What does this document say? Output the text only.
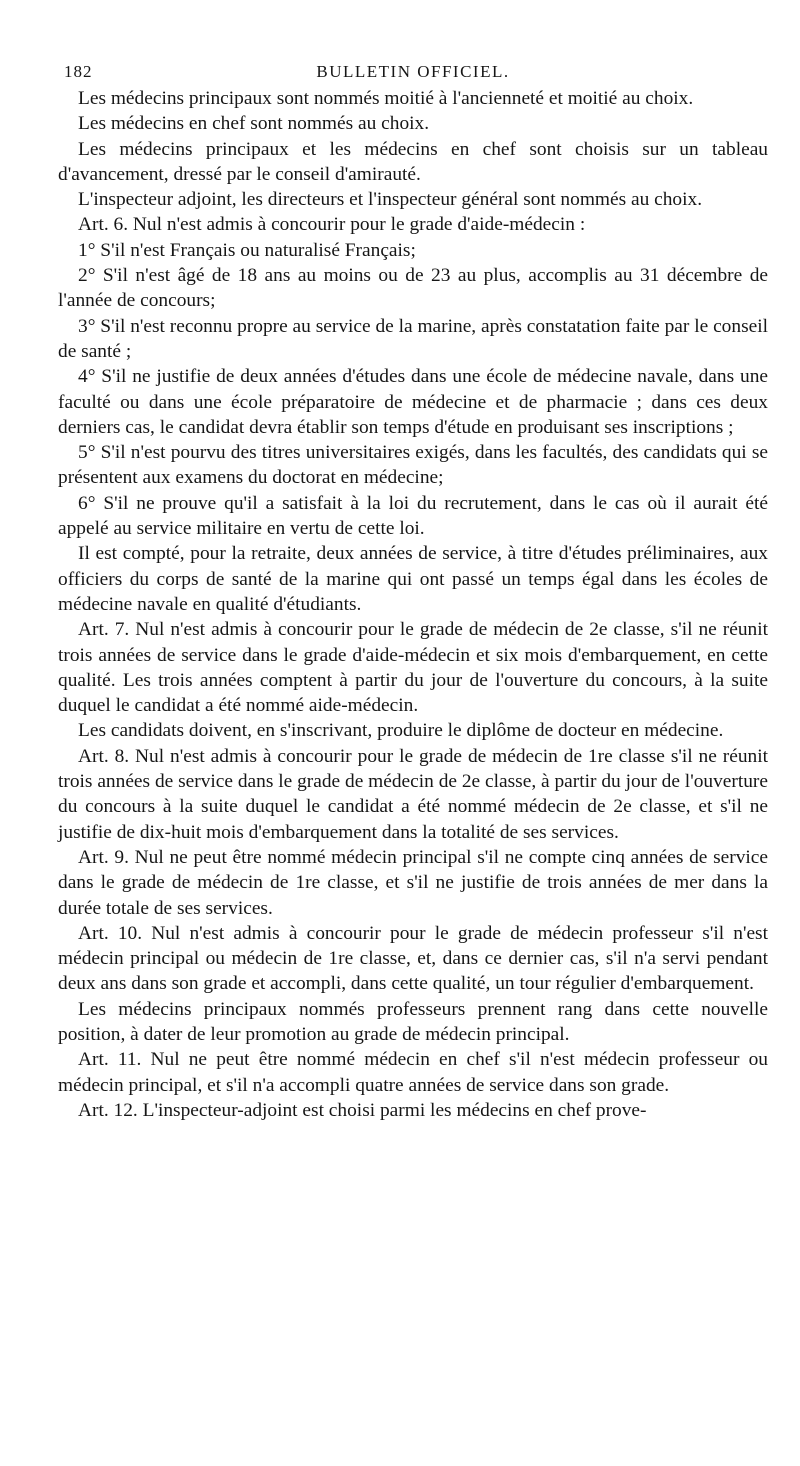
182	BULLETIN OFFICIEL.

Les médecins principaux sont nommés moitié à l'ancienneté et moitié au choix.

Les médecins en chef sont nommés au choix.

Les médecins principaux et les médecins en chef sont choisis sur un tableau d'avancement, dressé par le conseil d'amirauté.

L'inspecteur adjoint, les directeurs et l'inspecteur général sont nommés au choix.

Art. 6. Nul n'est admis à concourir pour le grade d'aide-médecin :

1° S'il n'est Français ou naturalisé Français;

2° S'il n'est âgé de 18 ans au moins ou de 23 au plus, accomplis au 31 décembre de l'année de concours;

3° S'il n'est reconnu propre au service de la marine, après constatation faite par le conseil de santé ;

4° S'il ne justifie de deux années d'études dans une école de médecine navale, dans une faculté ou dans une école préparatoire de médecine et de pharmacie ; dans ces deux derniers cas, le candidat devra établir son temps d'étude en produisant ses inscriptions ;

5° S'il n'est pourvu des titres universitaires exigés, dans les facultés, des candidats qui se présentent aux examens du doctorat en médecine;

6° S'il ne prouve qu'il a satisfait à la loi du recrutement, dans le cas où il aurait été appelé au service militaire en vertu de cette loi.

Il est compté, pour la retraite, deux années de service, à titre d'études préliminaires, aux officiers du corps de santé de la marine qui ont passé un temps égal dans les écoles de médecine navale en qualité d'étudiants.

Art. 7. Nul n'est admis à concourir pour le grade de médecin de 2e classe, s'il ne réunit trois années de service dans le grade d'aide-médecin et six mois d'embarquement, en cette qualité. Les trois années comptent à partir du jour de l'ouverture du concours, à la suite duquel le candidat a été nommé aide-médecin.

Les candidats doivent, en s'inscrivant, produire le diplôme de docteur en médecine.

Art. 8. Nul n'est admis à concourir pour le grade de médecin de 1re classe s'il ne réunit trois années de service dans le grade de médecin de 2e classe, à partir du jour de l'ouverture du concours à la suite duquel le candidat a été nommé médecin de 2e classe, et s'il ne justifie de dix-huit mois d'embarquement dans la totalité de ses services.

Art. 9. Nul ne peut être nommé médecin principal s'il ne compte cinq années de service dans le grade de médecin de 1re classe, et s'il ne justifie de trois années de mer dans la durée totale de ses services.

Art. 10. Nul n'est admis à concourir pour le grade de médecin professeur s'il n'est médecin principal ou médecin de 1re classe, et, dans ce dernier cas, s'il n'a servi pendant deux ans dans son grade et accompli, dans cette qualité, un tour régulier d'embarquement.

Les médecins principaux nommés professeurs prennent rang dans cette nouvelle position, à dater de leur promotion au grade de médecin principal.

Art. 11. Nul ne peut être nommé médecin en chef s'il n'est médecin professeur ou médecin principal, et s'il n'a accompli quatre années de service dans son grade.

Art. 12. L'inspecteur-adjoint est choisi parmi les médecins en chef prove-
